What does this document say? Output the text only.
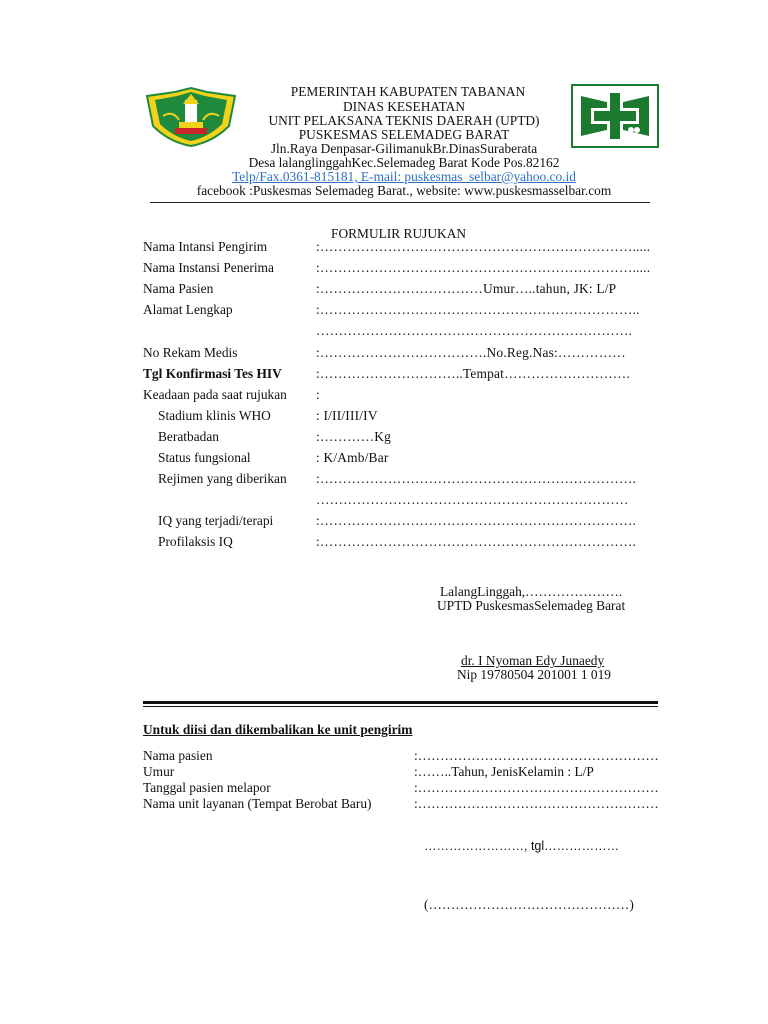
PEMERINTAH KABUPATEN TABANAN
DINAS KESEHATAN
UNIT PELAKSANA TEKNIS DAERAH (UPTD)
PUSKESMAS SELEMADEG BARAT
Jln.Raya Denpasar-GilimanukBr.DinasSuraberata
Desa lalanglinggahKec.Selemadeg Barat Kode Pos.82162
Telp/Fax.0361-815181, E-mail: puskesmas_selbar@yahoo.co.id
facebook :Puskesmas Selemadeg Barat., website: www.puskesmasselbar.com
FORMULIR RUJUKAN
Nama Intansi Pengirim	:…………………………………………………………….....
Nama Instansi Penerima	:…………………………………………………………….....
Nama Pasien	:………………………………Umur…..tahun, JK: L/P
Alamat Lengkap	:……………………………………………………………..
…………………………………………………………….
No Rekam Medis	:……………………………….No.Reg.Nas:……………
Tgl Konfirmasi Tes HIV	:…………………………..Tempat……………………….
Keadaan pada saat rujukan :
Stadium klinis WHO	: I/II/III/IV
Beratbadan	:…………Kg
Status fungsional	: K/Amb/Bar
Rejimen yang diberikan :…………………………………………………………….
……………………………………………………………
IQ yang terjadi/terapi	:…………………………………………………………….
Profilaksis IQ	:…………………………………………………………….
LalangLinggah,………………….
UPTD PuskesmasSelemadeg Barat
dr. I Nyoman Edy Junaedy
Nip 19780504 201001 1 019
Untuk diisi dan dikembalikan ke unit pengirim
Nama pasien	:………………………………………………
Umur	:……..Tahun, JenisKelamin : L/P
Tanggal pasien melapor	:………………………………………………
Nama unit layanan (Tempat Berobat Baru)	:………………………………………………
……………………, tgl………………
(………………………………………)
